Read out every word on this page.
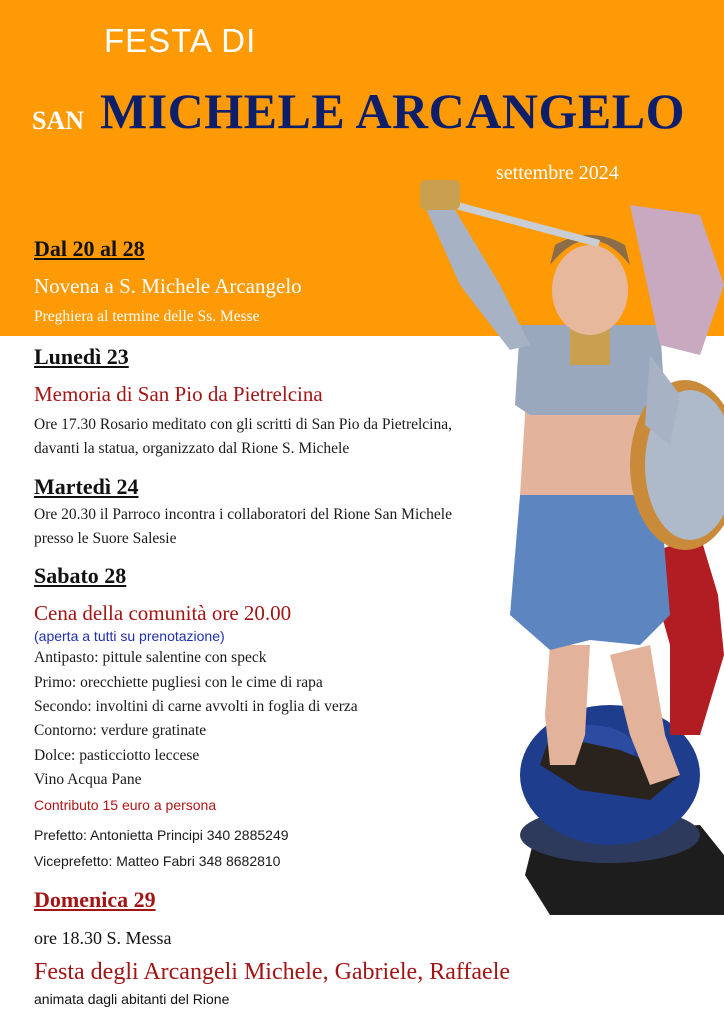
FESTA DI
SAN MICHELE ARCANGELO
settembre 2024
Dal 20 al 28
Novena a S. Michele Arcangelo
Preghiera al termine delle Ss. Messe
Lunedì 23
Memoria di San Pio da Pietrelcina
Ore 17.30 Rosario meditato con gli scritti di San Pio da Pietrelcina,
davanti la statua, organizzato dal Rione S. Michele
Martedì 24
Ore 20.30 il Parroco incontra i collaboratori del Rione San Michele
presso le Suore Salesie
Sabato 28
Cena della comunità ore 20.00
(aperta a tutti su prenotazione)
Antipasto: pittule salentine con speck
Primo: orecchiette pugliesi con le cime di rapa
Secondo: involtini di carne avvolti in foglia di verza
Contorno: verdure gratinate
Dolce: pasticciotto leccese
Vino Acqua Pane
Contributo 15 euro a persona
Prefetto: Antonietta Principi 340 2885249
Viceprefetto: Matteo Fabri 348 8682810
Domenica 29
ore 18.30 S. Messa
Festa degli Arcangeli Michele, Gabriele, Raffaele
animata dagli abitanti del Rione
